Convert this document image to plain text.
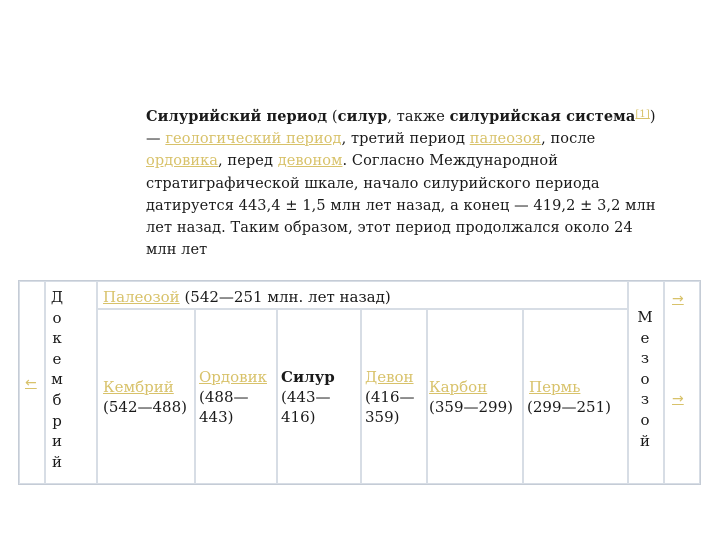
Силурийский период (силур, также силурийская система[1]) — геологический период, третий период палеозоя, после ордовика, перед девоном. Согласно Международной стратиграфической шкале, начало силурийского периода датируется 443,4 ± 1,5 млн лет назад, а конец — 419,2 ± 3,2 млн лет назад. Таким образом, этот период продолжался около 24 млн лет
←
Д
о
к
е
м
б
р
и
й
Палеозой (542—251 млн. лет назад)
Кембрий
(542—488)
Ордовик
(488—443)
Силур
(443—416)
Девон
(416—359)
Карбон
(359—299)
Пермь
(299—251)
М
е
з
о
з
о
й
→
→
